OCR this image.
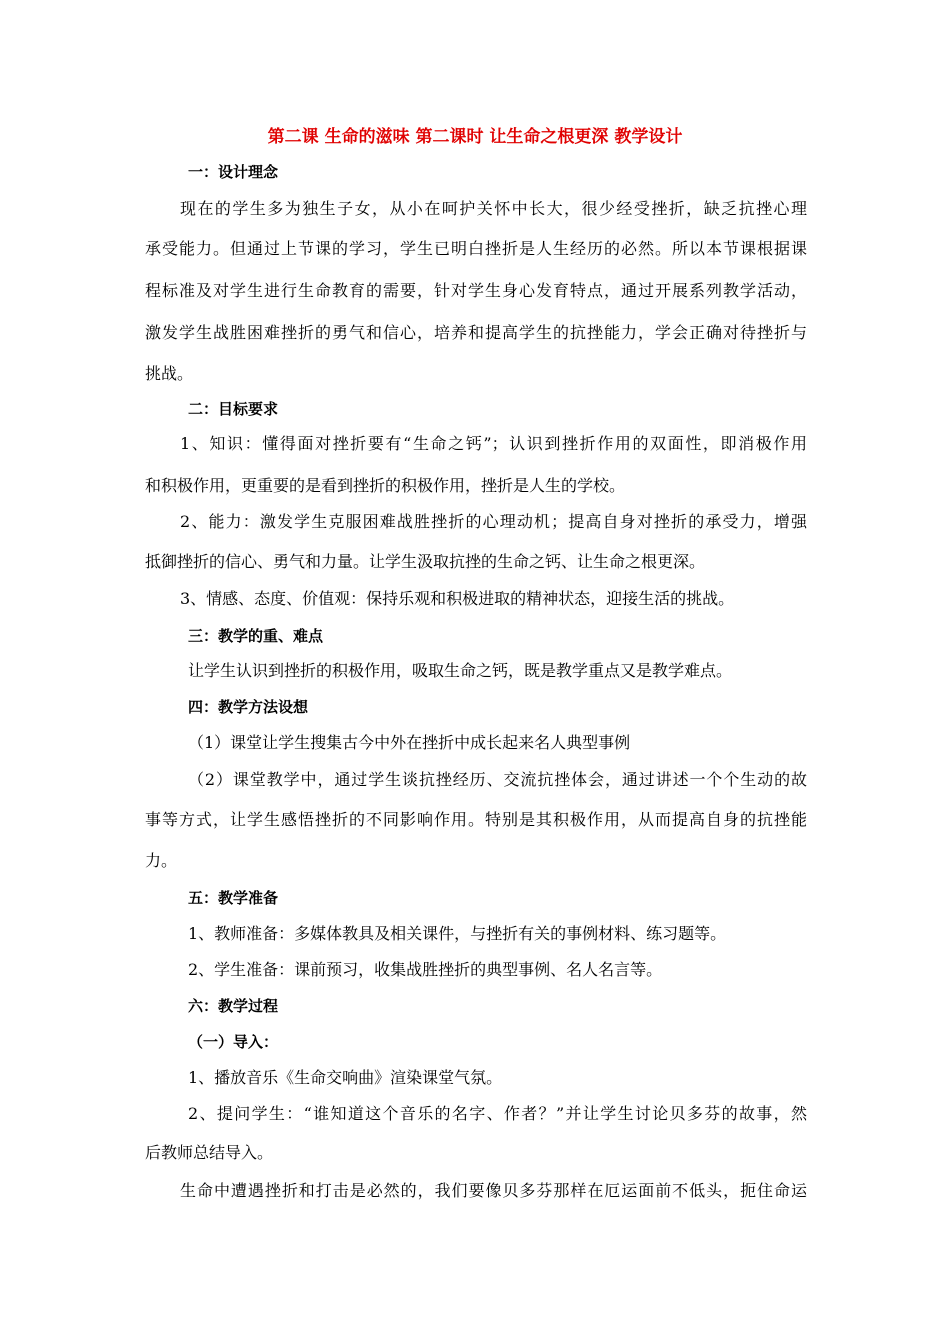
第二课 生命的滋味 第二课时 让生命之根更深 教学设计
一：设计理念
现在的学生多为独生子女，从小在呵护关怀中长大，很少经受挫折，缺乏抗挫心理
承受能力。但通过上节课的学习，学生已明白挫折是人生经历的必然。所以本节课根据课
程标准及对学生进行生命教育的需要，针对学生身心发育特点，通过开展系列教学活动，
激发学生战胜困难挫折的勇气和信心，培养和提高学生的抗挫能力，学会正确对待挫折与
挑战。
二：目标要求
1、知识：懂得面对挫折要有“生命之钙”；认识到挫折作用的双面性，即消极作用
和积极作用，更重要的是看到挫折的积极作用，挫折是人生的学校。
2、能力：激发学生克服困难战胜挫折的心理动机；提高自身对挫折的承受力，增强
抵御挫折的信心、勇气和力量。让学生汲取抗挫的生命之钙、让生命之根更深。
3、情感、态度、价值观：保持乐观和积极进取的精神状态，迎接生活的挑战。
三：教学的重、难点
让学生认识到挫折的积极作用，吸取生命之钙，既是教学重点又是教学难点。
四：教学方法设想
（1）课堂让学生搜集古今中外在挫折中成长起来名人典型事例
（2）课堂教学中，通过学生谈抗挫经历、交流抗挫体会，通过讲述一个个生动的故
事等方式，让学生感悟挫折的不同影响作用。特别是其积极作用，从而提高自身的抗挫能
力。
五：教学准备
1、教师准备：多媒体教具及相关课件，与挫折有关的事例材料、练习题等。
2、学生准备：课前预习，收集战胜挫折的典型事例、名人名言等。
六：教学过程
（一）导入：
1、播放音乐《生命交响曲》渲染课堂气氛。
2、提问学生：“谁知道这个音乐的名字、作者？”并让学生讨论贝多芬的故事，然
后教师总结导入。
生命中遭遇挫折和打击是必然的，我们要像贝多芬那样在厄运面前不低头，扼住命运
